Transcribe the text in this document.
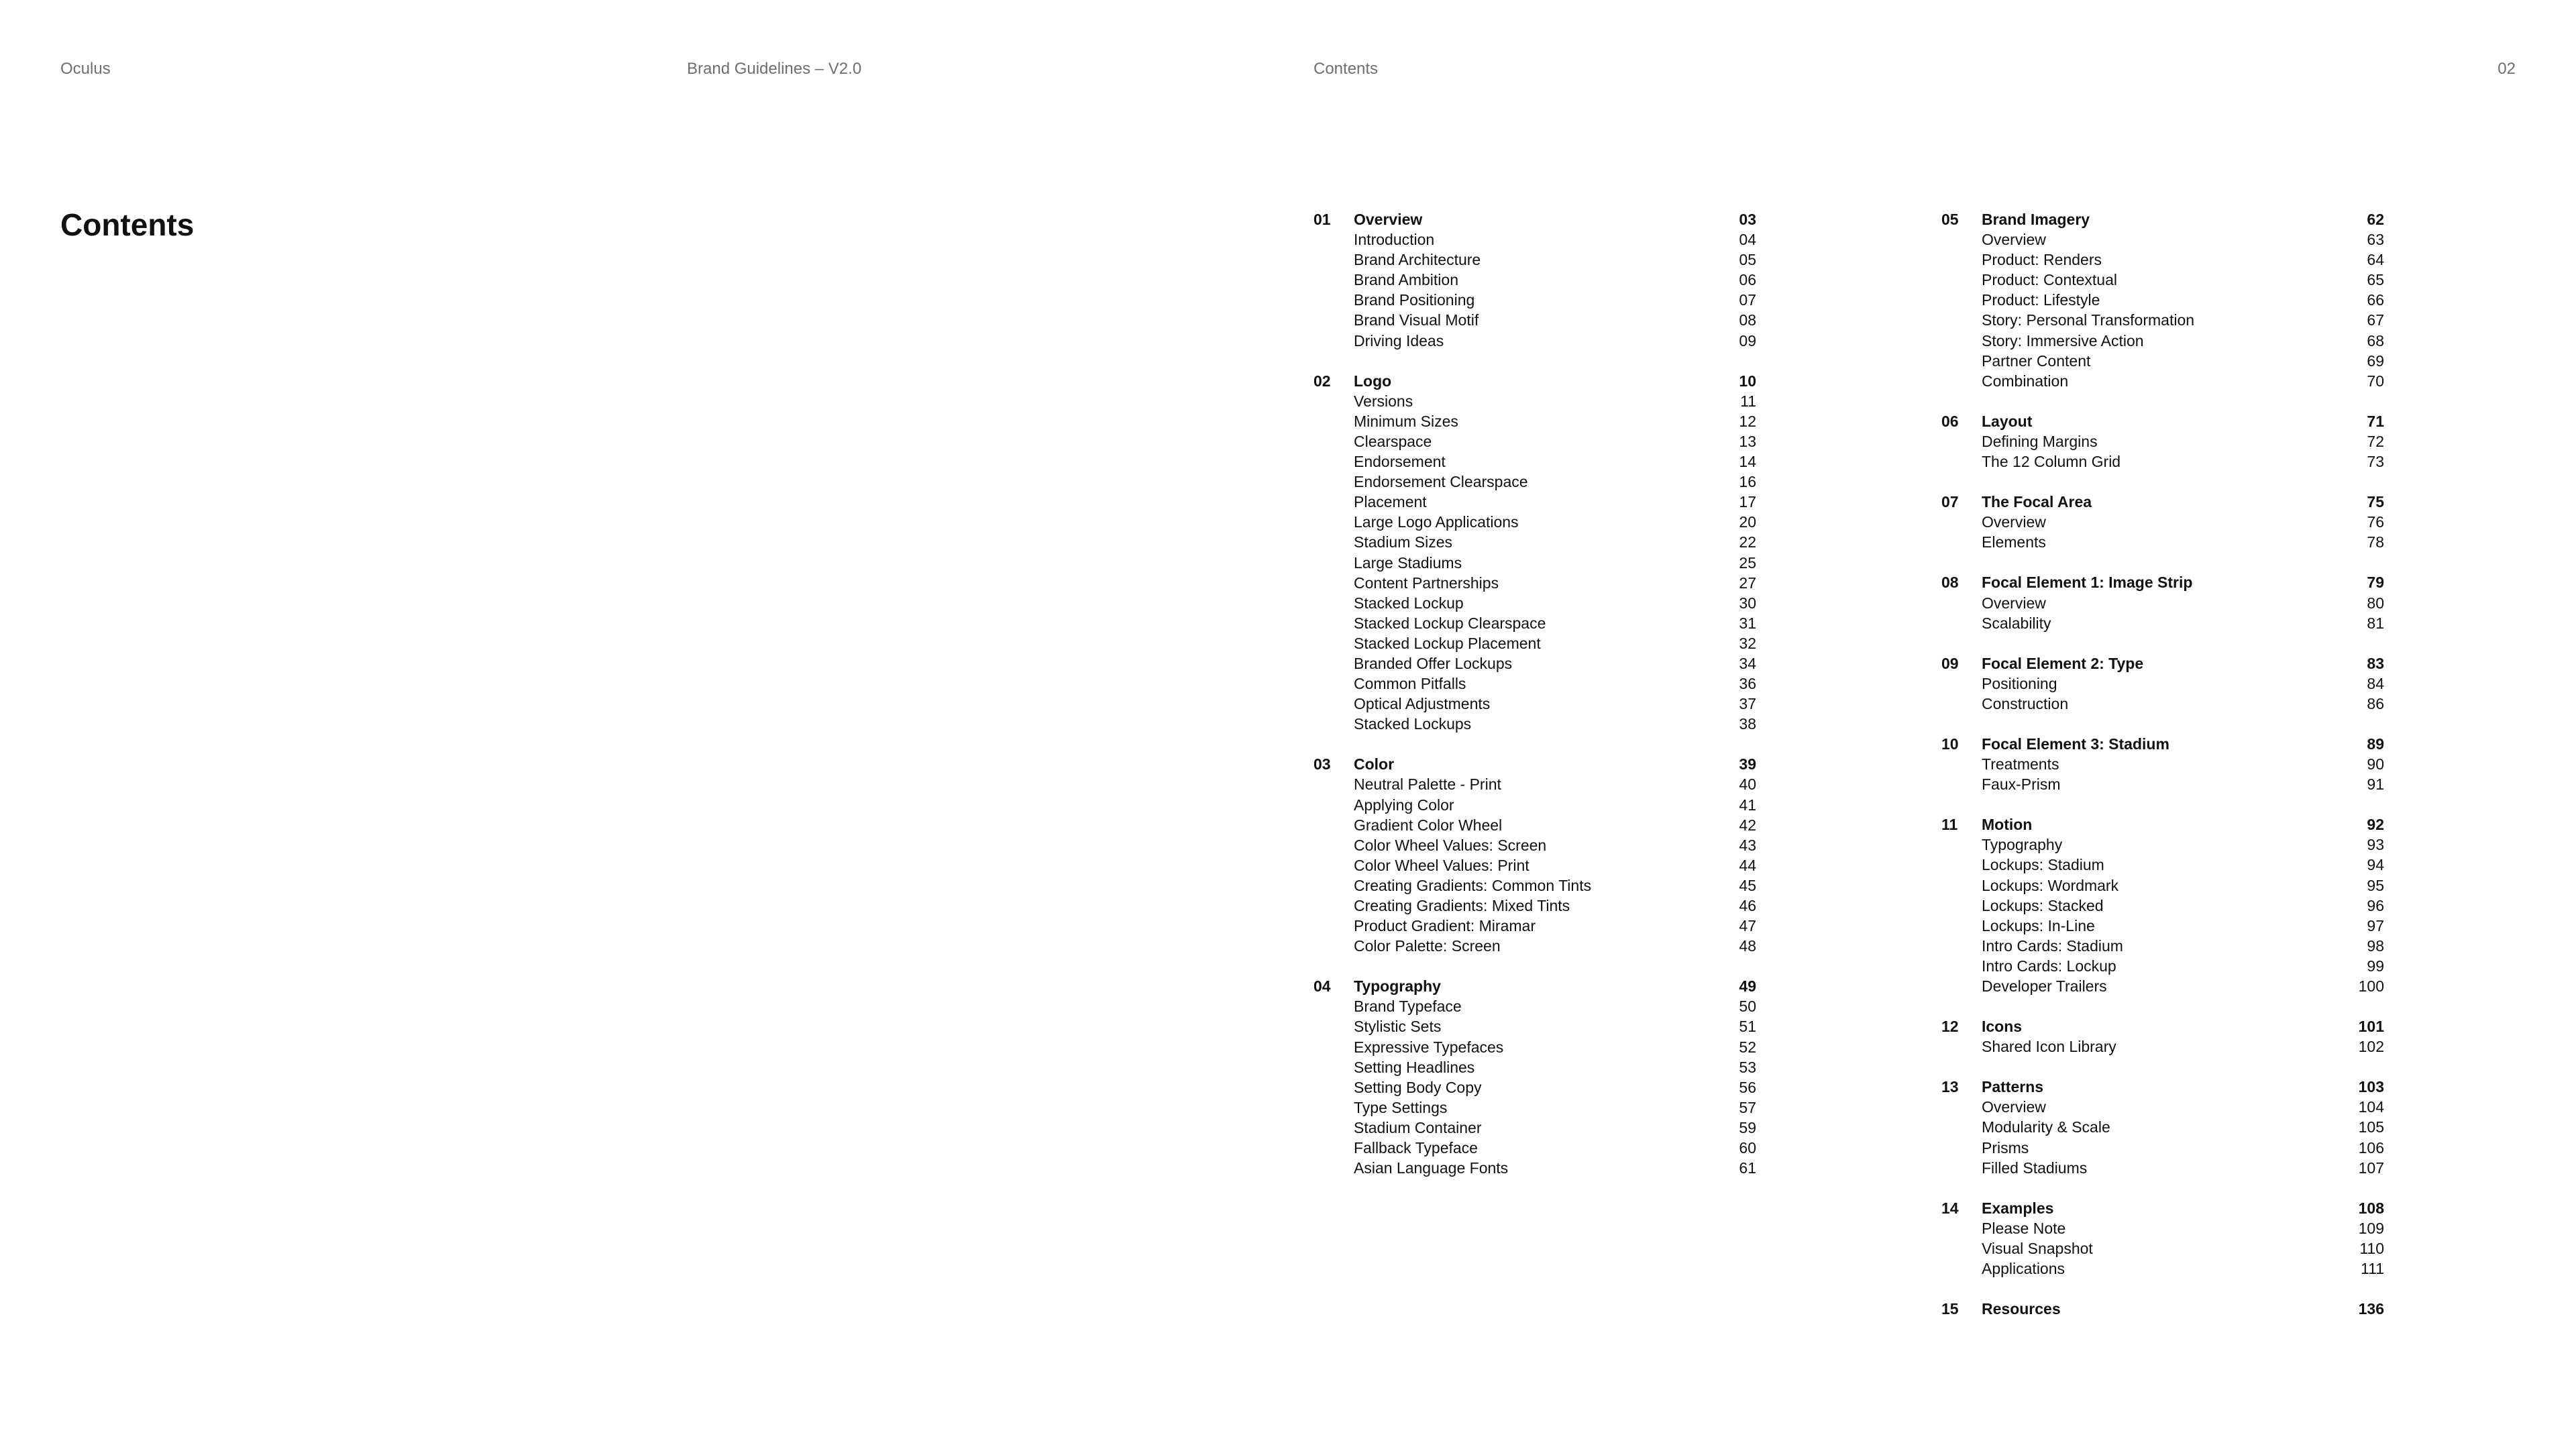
Oculus	Brand Guidelines – V2.0	Contents	02
Contents	01	Overview	03
Introduction	04
Brand Architecture	05
Brand Ambition	06
Brand Positioning	07
Brand Visual Motif	08
Driving Ideas	09
02	Logo	10
Versions	11
Minimum Sizes	12
Clearspace	13
Endorsement	14
Endorsement Clearspace	16
Placement	17
Large Logo Applications	20
Stadium Sizes	22
Large Stadiums	25
Content Partnerships	27
Stacked Lockup	30
Stacked Lockup Clearspace	31
Stacked Lockup Placement	32
Branded Offer Lockups	34
Common Pitfalls	36
Optical Adjustments	37
Stacked Lockups	38
03	Color	39
Neutral Palette - Print	40
Applying Color	41
Gradient Color Wheel	42
Color Wheel Values: Screen	43
Color Wheel Values: Print	44
Creating Gradients: Common Tints	45
Creating Gradients: Mixed Tints	46
Product Gradient: Miramar	47
Color Palette: Screen	48
04	Typography	49
Brand Typeface	50
Stylistic Sets	51
Expressive Typefaces	52
Setting Headlines	53
Setting Body Copy	56
Type Settings	57
Stadium Container	59
Fallback Typeface	60
Asian Language Fonts	61
05	Brand Imagery	62
Overview	63
Product: Renders	64
Product: Contextual	65
Product: Lifestyle	66
Story: Personal Transformation	67
Story: Immersive Action	68
Partner Content	69
Combination	70
06	Layout	71
Defining Margins	72
The 12 Column Grid	73
07	The Focal Area	75
Overview	76
Elements	78
08	Focal Element 1: Image Strip	79
Overview	80
Scalability	81
09	Focal Element 2: Type	83
Positioning	84
Construction	86
10	Focal Element 3: Stadium	89
Treatments	90
Faux-Prism	91
11	Motion	92
Typography	93
Lockups: Stadium	94
Lockups: Wordmark	95
Lockups: Stacked	96
Lockups: In-Line	97
Intro Cards: Stadium	98
Intro Cards: Lockup	99
Developer Trailers	100
12	Icons	101
Shared Icon Library	102
13	Patterns	103
Overview	104
Modularity & Scale	105
Prisms	106
Filled Stadiums	107
14	Examples	108
Please Note	109
Visual Snapshot	110
Applications	111
15	Resources	136
